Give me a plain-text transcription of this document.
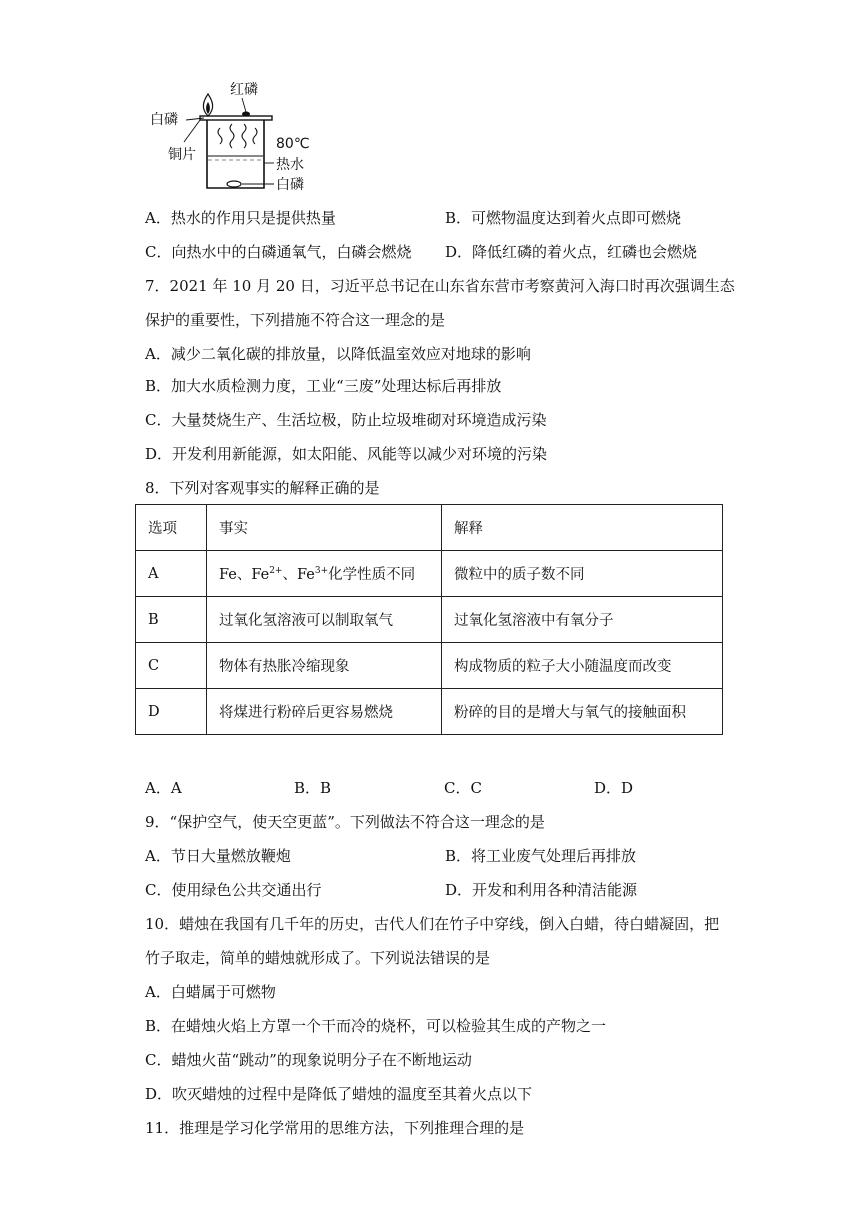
红磷
白磷
铜片
80℃
热水
白磷
A．热水的作用只是提供热量	B．可燃物温度达到着火点即可燃烧
C．向热水中的白磷通氧气，白磷会燃烧 D．降低红磷的着火点，红磷也会燃烧
7．2021 年 10 月 20 日，习近平总书记在山东省东营市考察黄河入海口时再次强调生态
保护的重要性，下列措施不符合这一理念的是
A．减少二氧化碳的排放量，以降低温室效应对地球的影响
B．加大水质检测力度，工业“三废”处理达标后再排放
C．大量焚烧生产、生活垃极，防止垃圾堆砌对环境造成污染
D．开发利用新能源，如太阳能、风能等以减少对环境的污染
8．下列对客观事实的解释正确的是
选项	事实	解释
A	Fe、$Fe^{2+}$、$Fe^{3+}$化学性质不同	微粒中的质子数不同
B	过氧化氢溶液可以制取氧气	过氧化氢溶液中有氧分子
C	物体有热胀冷缩现象	构成物质的粒子大小随温度而改变
D	将煤进行粉碎后更容易燃烧	粉碎的目的是增大与氧气的接触面积
A．A	B．B	C．C	D．D
9．“保护空气，使天空更蓝”。下列做法不符合这一理念的是
A．节日大量燃放鞭炮	B．将工业废气处理后再排放
C．使用绿色公共交通出行	D．开发和利用各种清洁能源
10．蜡烛在我国有几千年的历史，古代人们在竹子中穿线，倒入白蜡，待白蜡凝固，把
竹子取走，简单的蜡烛就形成了。下列说法错误的是
A．白蜡属于可燃物
B．在蜡烛火焰上方罩一个干而冷的烧杯，可以检验其生成的产物之一
C．蜡烛火苗“跳动”的现象说明分子在不断地运动
D．吹灭蜡烛的过程中是降低了蜡烛的温度至其着火点以下
11．推理是学习化学常用的思维方法，下列推理合理的是
